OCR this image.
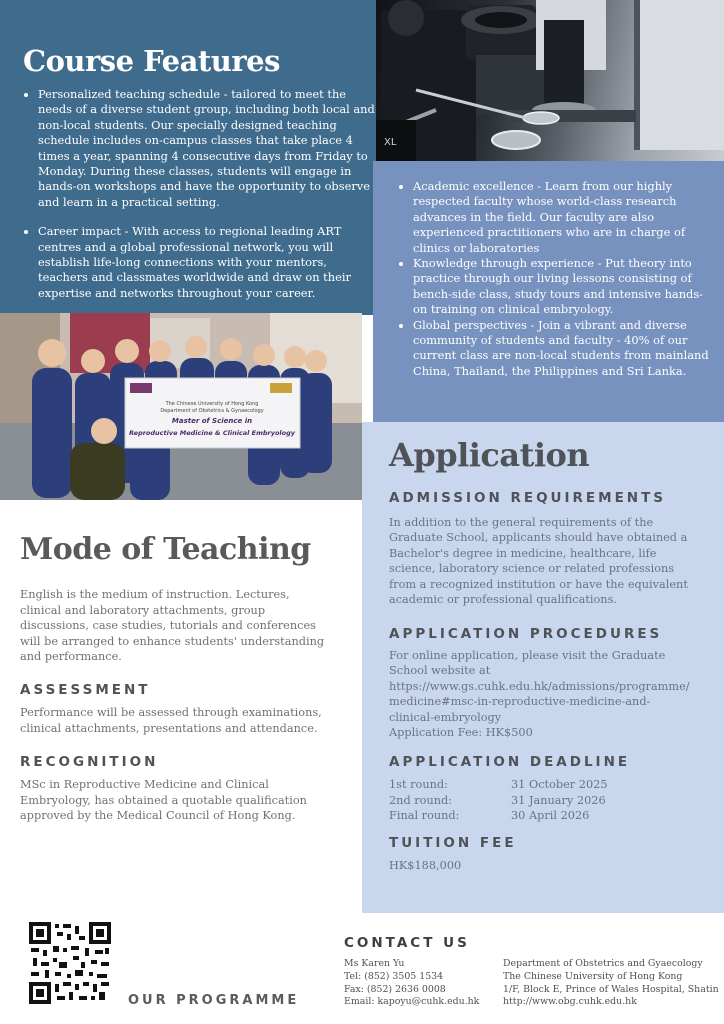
Course Features
• Personalized teaching schedule - tailored to meet the needs of a diverse student group, including both local and non-local students. Our specially designed teaching schedule includes on-campus classes that take place 4 times a year, spanning 4 consecutive days from Friday to Monday. During these classes, students will engage in hands-on workshops and have the opportunity to observe and learn in a practical setting.
• Career impact - With access to regional leading ART centres and a global professional network, you will establish life-long connections with your mentors, teachers and classmates worldwide and draw on their expertise and networks throughout your career.
XL
• Academic excellence - Learn from our highly respected faculty whose world-class research advances in the field. Our faculty are also experienced practitioners who are in charge of clinics or laboratories
• Knowledge through experience - Put theory into practice through our living lessons consisting of bench-side class, study tours and intensive hands-on training on clinical embryology.
• Global perspectives - Join a vibrant and diverse community of students and faculty - 40% of our current class are non-local students from mainland China, Thailand, the Philippines and Sri Lanka.
The Chinese University of Hong Kong
Department of Obstetrics & Gynaecology
Master of Science in
Reproductive Medicine & Clinical Embryology
Mode of Teaching

English is the medium of instruction. Lectures, clinical and laboratory attachments, group discussions, case studies, tutorials and conferences will be arranged to enhance students' understanding and performance.

ASSESSMENT

Performance will be assessed through examinations, clinical attachments, presentations and attendance.

RECOGNITION

MSc in Reproductive Medicine and Clinical Embryology, has obtained a quotable qualification approved by the Medical Council of Hong Kong.

Application
ADMISSION REQUIREMENTS

In addition to the general requirements of the Graduate School, applicants should have obtained a Bachelor's degree in medicine, healthcare, life science, laboratory science or related professions from a recognized institution or have the equivalent academic or professional qualifications.

APPLICATION PROCEDURES

For online application, please visit the Graduate School website at

https://www.gs.cuhk.edu.hk/admissions/programme/

medicine#msc-in-reproductive-medicine-and-

clinical-embryology

Application Fee: HK$500

APPLICATION DEADLINE
1st round:	31 October 2025
2nd round:	31 January 2026
Final round:	30 April 2026
TUITION FEE

HK$188,000

OUR PROGRAMME
CONTACT US

Ms Karen Yu

Tel: (852) 3505 1534

Fax: (852) 2636 0008

Email: kapoyu@cuhk.edu.hk

Department of Obstetrics and Gyaecology

The Chinese University of Hong Kong

1/F, Block E, Prince of Wales Hospital, Shatin

http://www.obg.cuhk.edu.hk
